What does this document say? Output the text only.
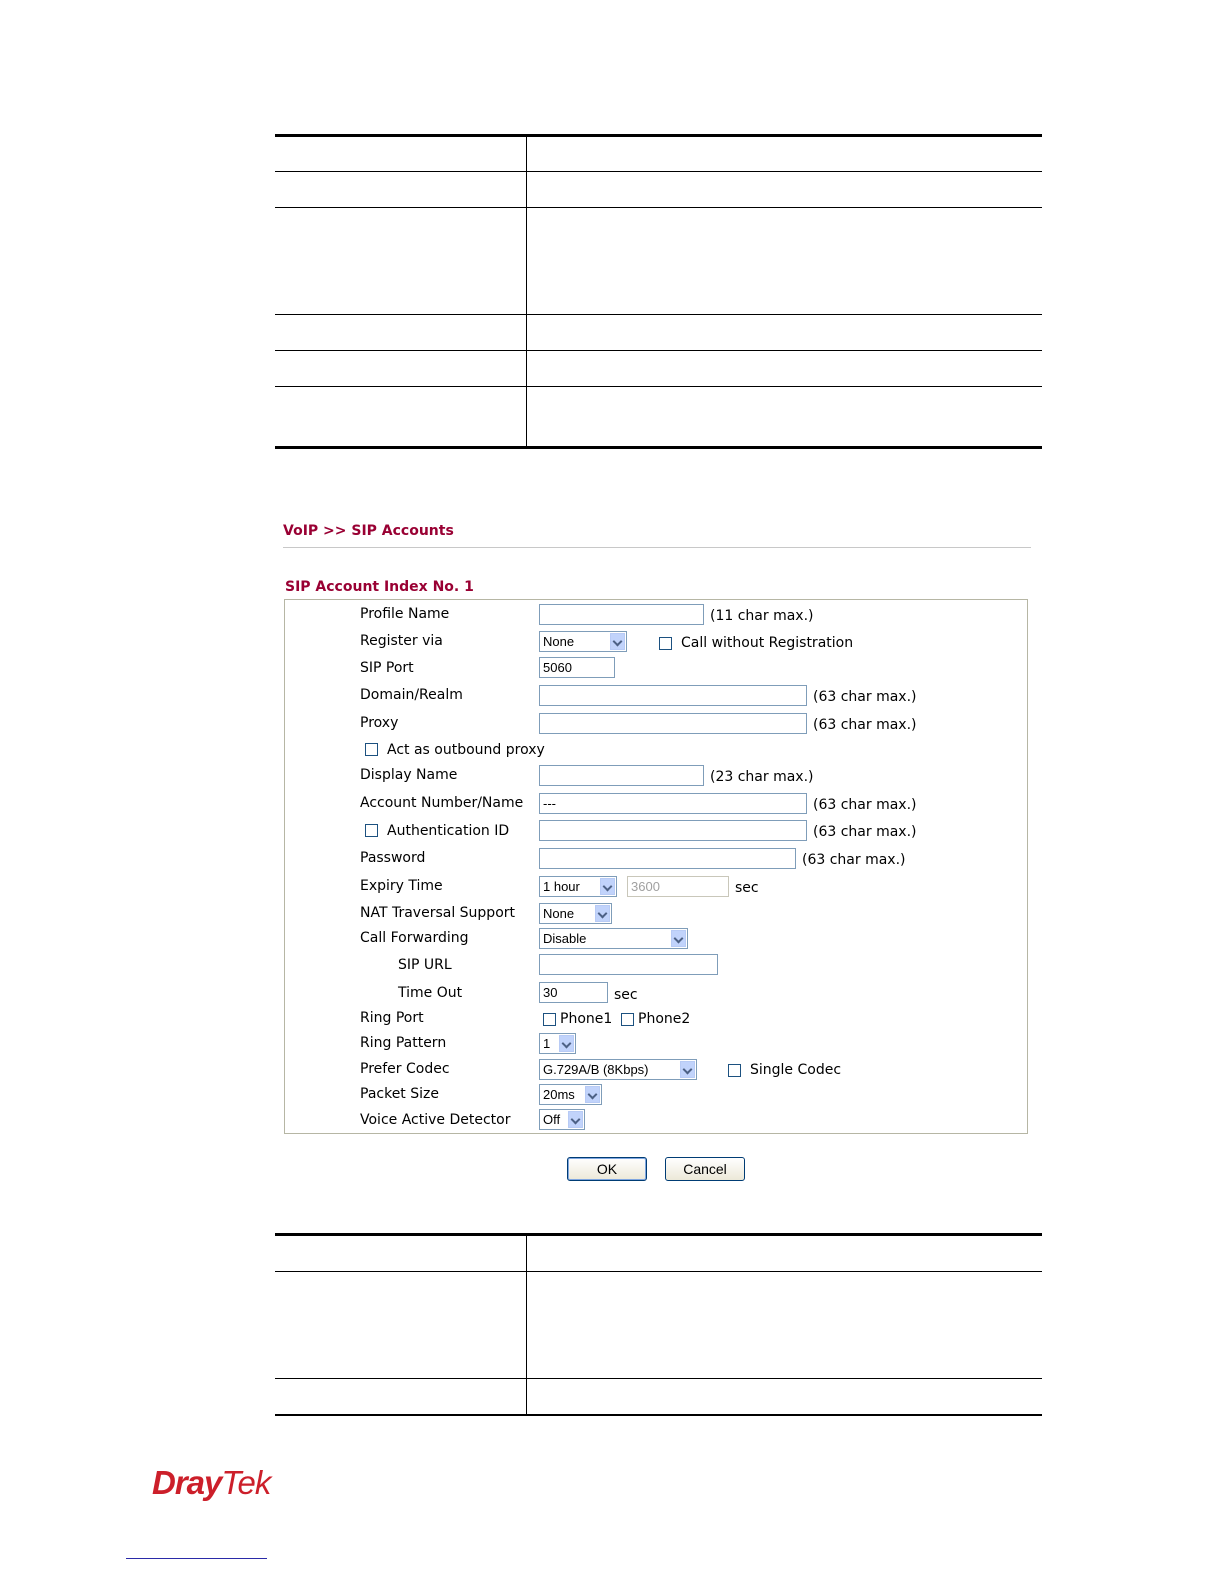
VoIP >> SIP Accounts
SIP Account Index No. 1
Profile Name	(11 char max.)
Register via	None	Call without Registration
SIP Port	5060
Domain/Realm	(63 char max.)
Proxy	(63 char max.)
Act as outbound proxy
Display Name	(23 char max.)
Account Number/Name	---	(63 char max.)
Authentication ID	(63 char max.)
Password	(63 char max.)
Expiry Time	1 hour	3600	sec
NAT Traversal Support	None
Call Forwarding	Disable
SIP URL
Time Out	30	sec
Ring Port	Phone1 Phone2
Ring Pattern	1
Prefer Codec	G.729A/B (8Kbps)	Single Codec
Packet Size	20ms
Voice Active Detector	Off
OK	Cancel
DrayTek
